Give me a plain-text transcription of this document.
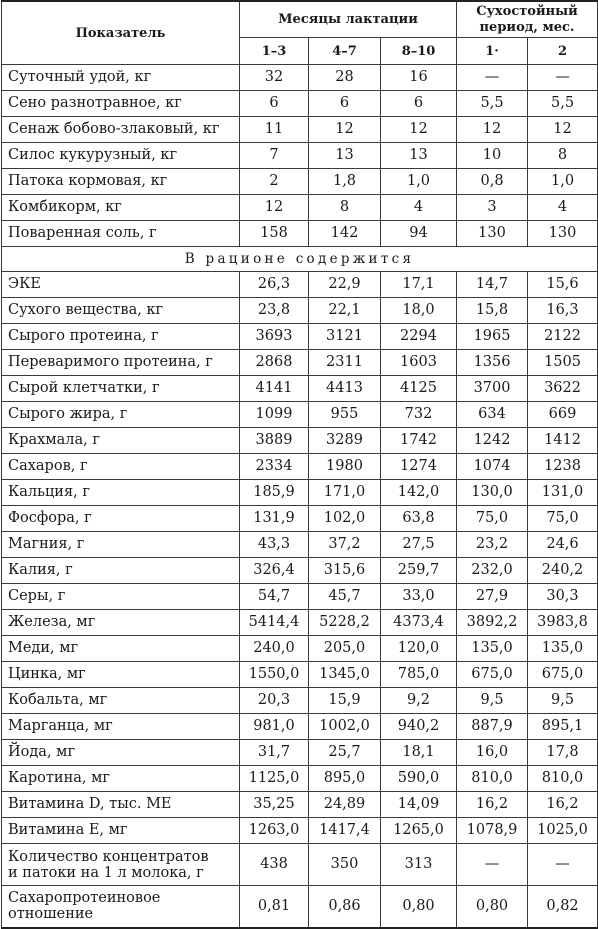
Показатель	Месяцы лактации			Сухостойный
период, мес.	
	1–3	4–7	8–10	1·	2
Суточный удой, кг	32	28	16	—	—
Сено разнотравное, кг	6	6	6	5,5	5,5
Сенаж бобово-злаковый, кг	11	12	12	12	12
Силос кукурузный, кг	7	13	13	10	8
Патока кормовая, кг	2	1,8	1,0	0,8	1,0
Комбикорм, кг	12	8	4	3	4
Поваренная соль, г	158	142	94	130	130
В рационе содержится					
ЭКЕ	26,3	22,9	17,1	14,7	15,6
Сухого вещества, кг	23,8	22,1	18,0	15,8	16,3
Сырого протеина, г	3693	3121	2294	1965	2122
Переваримого протеина, г	2868	2311	1603	1356	1505
Сырой клетчатки, г	4141	4413	4125	3700	3622
Сырого жира, г	1099	955	732	634	669
Крахмала, г	3889	3289	1742	1242	1412
Сахаров, г	2334	1980	1274	1074	1238
Кальция, г	185,9	171,0	142,0	130,0	131,0
Фосфора, г	131,9	102,0	63,8	75,0	75,0
Магния, г	43,3	37,2	27,5	23,2	24,6
Калия, г	326,4	315,6	259,7	232,0	240,2
Серы, г	54,7	45,7	33,0	27,9	30,3
Железа, мг	5414,4	5228,2	4373,4	3892,2	3983,8
Меди, мг	240,0	205,0	120,0	135,0	135,0
Цинка, мг	1550,0	1345,0	785,0	675,0	675,0
Кобальта, мг	20,3	15,9	9,2	9,5	9,5
Марганца, мг	981,0	1002,0	940,2	887,9	895,1
Йода, мг	31,7	25,7	18,1	16,0	17,8
Каротина, мг	1125,0	895,0	590,0	810,0	810,0
Витамина D, тыс. МЕ	35,25	24,89	14,09	16,2	16,2
Витамина Е, мг	1263,0	1417,4	1265,0	1078,9	1025,0
Количество концентратов
и патоки на 1 л молока, г	438	350	313	—	—
Сахаропротеиновое
отношение	0,81	0,86	0,80	0,80	0,82
